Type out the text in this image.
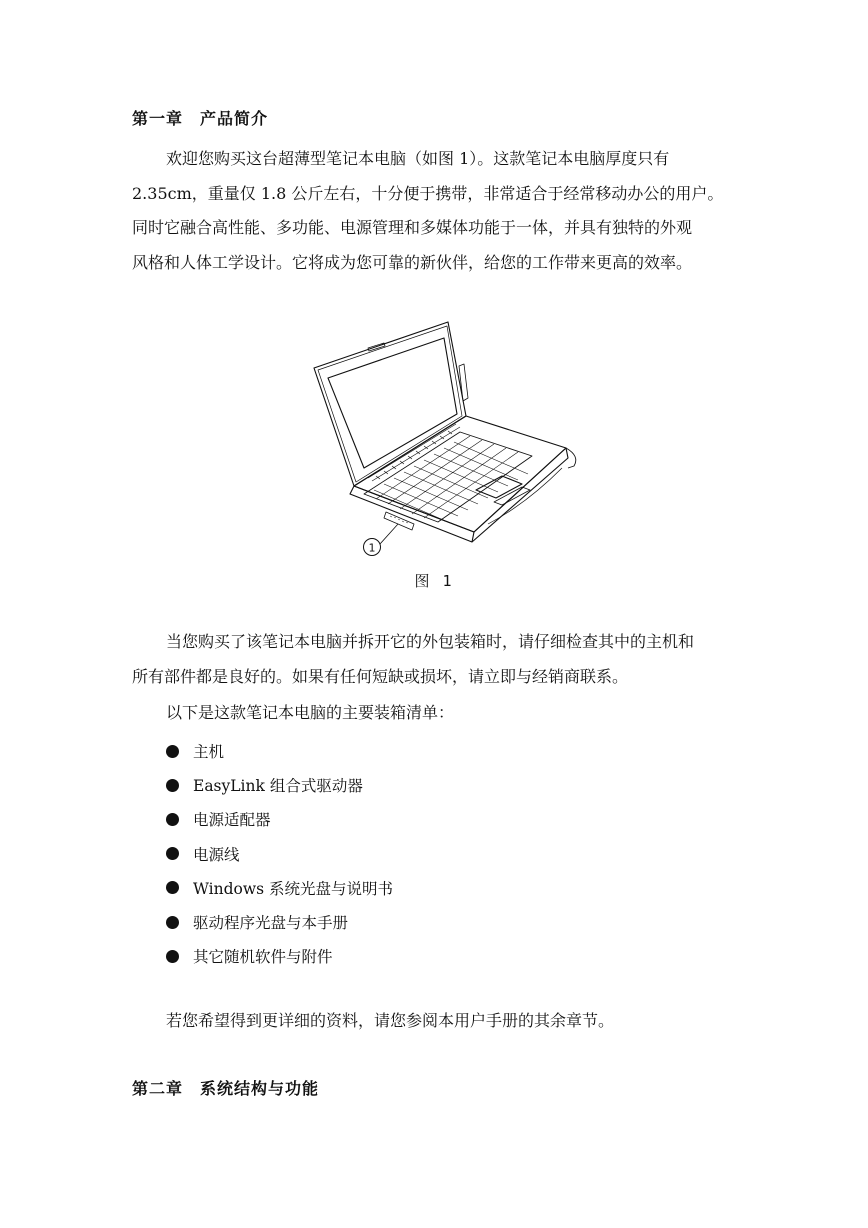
第一章　产品简介
欢迎您购买这台超薄型笔记本电脑（如图 1）。这款笔记本电脑厚度只有
2.35cm，重量仅 1.8 公斤左右，十分便于携带，非常适合于经常移动办公的用户。
同时它融合高性能、多功能、电源管理和多媒体功能于一体，并具有独特的外观
风格和人体工学设计。它将成为您可靠的新伙伴，给您的工作带来更高的效率。
1
图 1
当您购买了该笔记本电脑并拆开它的外包装箱时，请仔细检查其中的主机和
所有部件都是良好的。如果有任何短缺或损坏，请立即与经销商联系。
以下是这款笔记本电脑的主要装箱清单：
主机
EasyLink 组合式驱动器
电源适配器
电源线
Windows 系统光盘与说明书
驱动程序光盘与本手册
其它随机软件与附件
若您希望得到更详细的资料，请您参阅本用户手册的其余章节。
第二章　系统结构与功能
